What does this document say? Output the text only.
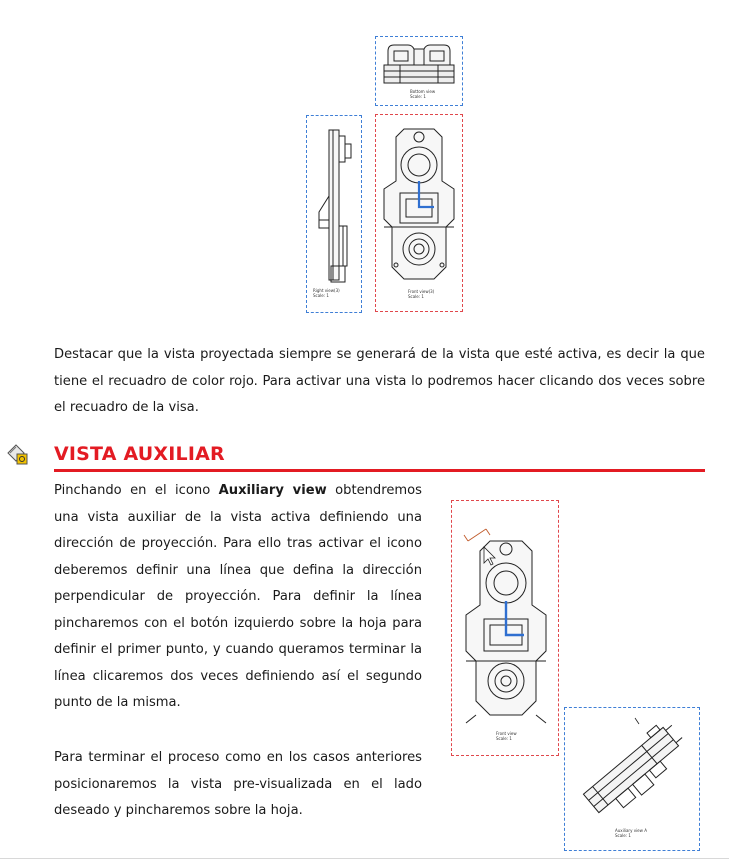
Bottom view
Scale: 1
Right view(3)
Scale: 1
Front view(3)
Scale: 1
Destacar que la vista proyectada siempre se generará de la vista que esté activa, es decir la que tiene el recuadro de color rojo. Para activar una vista lo podremos hacer clicando dos veces sobre el recuadro de la visa.
VISTA AUXILIAR
Pinchando en el icono Auxiliary view obtendremos una vista auxiliar de la vista activa definiendo una dirección de proyección. Para ello tras activar el icono deberemos definir una línea que defina la dirección perpendicular de proyección. Para definir la línea pincharemos con el botón izquierdo sobre la hoja para definir el primer punto, y cuando queramos terminar la línea clicaremos dos veces definiendo así el segundo punto de la misma.
Para terminar el proceso como en los casos anteriores posicionaremos la vista pre-visualizada en el lado deseado y pincharemos sobre la hoja.
Front view
Scale: 1
Auxiliary view A
Scale: 1
